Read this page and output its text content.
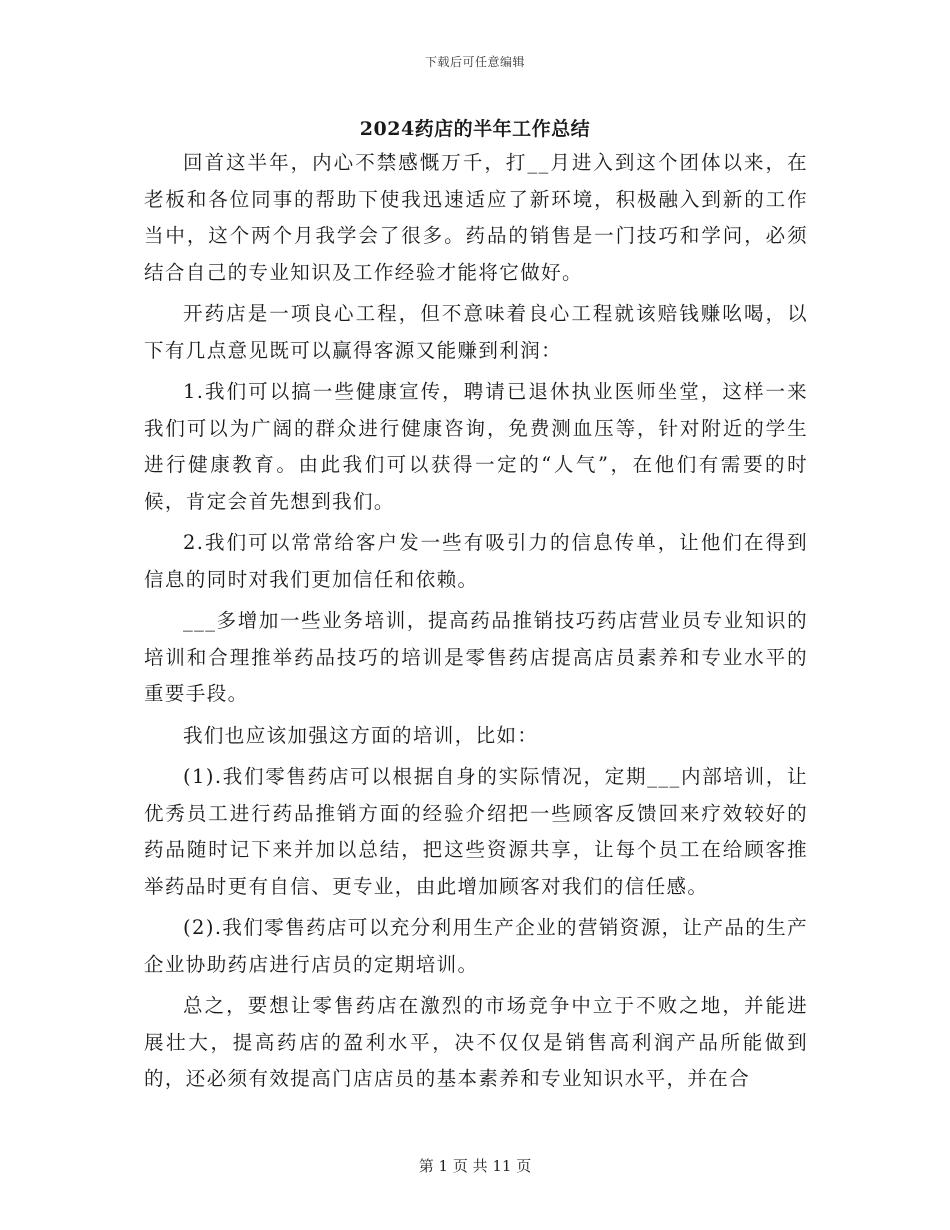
下载后可任意编辑
2024药店的半年工作总结

回首这半年，内心不禁感慨万千，打__月进入到这个团体以来，在老板和各位同事的帮助下使我迅速适应了新环境，积极融入到新的工作当中，这个两个月我学会了很多。药品的销售是一门技巧和学问，必须结合自己的专业知识及工作经验才能将它做好。

开药店是一项良心工程，但不意味着良心工程就该赔钱赚吆喝，以下有几点意见既可以赢得客源又能赚到利润：

1.我们可以搞一些健康宣传，聘请已退休执业医师坐堂，这样一来我们可以为广阔的群众进行健康咨询，免费测血压等，针对附近的学生进行健康教育。由此我们可以获得一定的“人气”，在他们有需要的时候，肯定会首先想到我们。

2.我们可以常常给客户发一些有吸引力的信息传单，让他们在得到信息的同时对我们更加信任和依赖。

___多增加一些业务培训，提高药品推销技巧药店营业员专业知识的培训和合理推举药品技巧的培训是零售药店提高店员素养和专业水平的重要手段。

我们也应该加强这方面的培训，比如：

(1).我们零售药店可以根据自身的实际情况，定期___内部培训，让优秀员工进行药品推销方面的经验介绍把一些顾客反馈回来疗效较好的药品随时记下来并加以总结，把这些资源共享，让每个员工在给顾客推举药品时更有自信、更专业，由此增加顾客对我们的信任感。

(2).我们零售药店可以充分利用生产企业的营销资源，让产品的生产企业协助药店进行店员的定期培训。

总之，要想让零售药店在激烈的市场竞争中立于不败之地，并能进展壮大，提高药店的盈利水平，决不仅仅是销售高利润产品所能做到的，还必须有效提高门店店员的基本素养和专业知识水平，并在合

第 1 页 共 11 页
